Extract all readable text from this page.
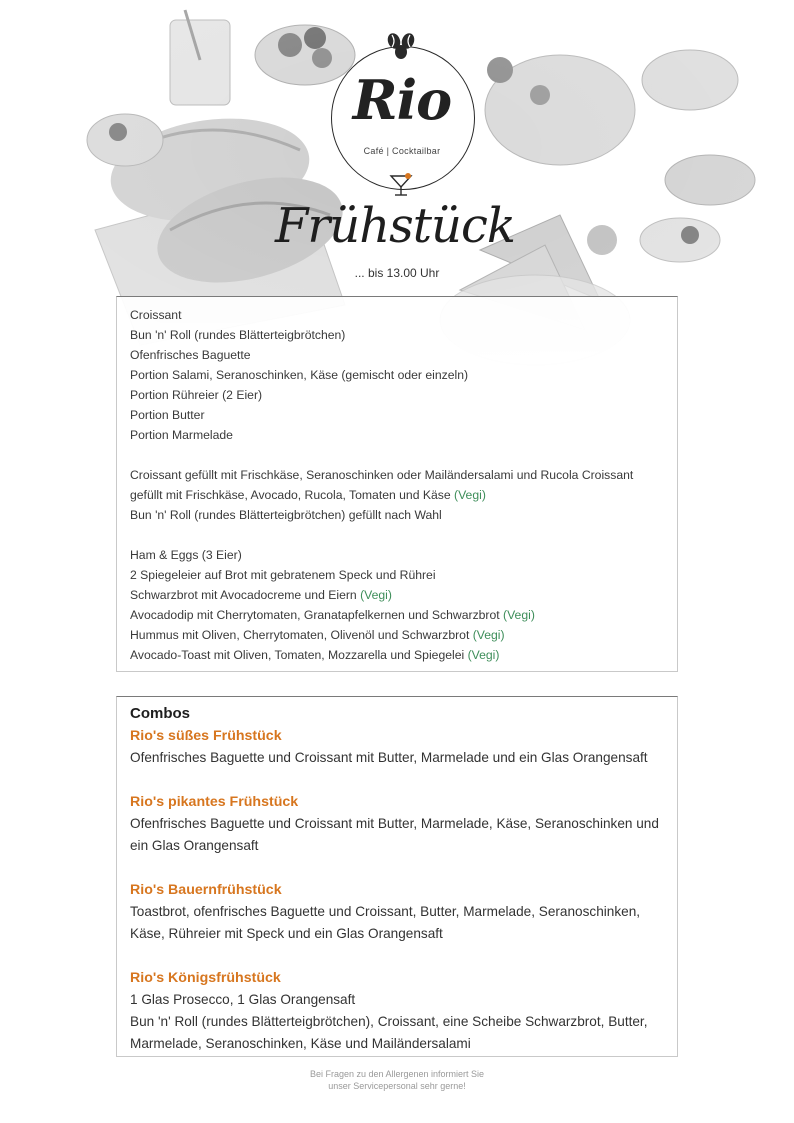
Rio
Café | Cocktailbar
Frühstück
... bis 13.00 Uhr
Croissant
Bun 'n' Roll (rundes Blätterteigbrötchen)
Ofenfrisches Baguette
Portion Salami, Seranoschinken, Käse (gemischt oder einzeln)
Portion Rühreier (2 Eier)
Portion Butter
Portion Marmelade
Croissant gefüllt mit Frischkäse, Seranoschinken oder Mailändersalami und Rucola Croissant
gefüllt mit Frischkäse, Avocado, Rucola, Tomaten und Käse (Vegi)
Bun 'n' Roll (rundes Blätterteigbrötchen) gefüllt nach Wahl
Ham & Eggs (3 Eier)
2 Spiegeleier auf Brot mit gebratenem Speck und Rührei
Schwarzbrot mit Avocadocreme und Eiern (Vegi)
Avocadodip mit Cherrytomaten, Granatapfelkernen und Schwarzbrot (Vegi)
Hummus mit Oliven, Cherrytomaten, Olivenöl und Schwarzbrot (Vegi)
Avocado-Toast mit Oliven, Tomaten, Mozzarella und Spiegelei (Vegi)
Combos
Rio's süßes Frühstück
Ofenfrisches Baguette und Croissant mit Butter, Marmelade und ein Glas Orangensaft
Rio's pikantes Frühstück
Ofenfrisches Baguette und Croissant mit Butter, Marmelade, Käse, Seranoschinken und
ein Glas Orangensaft
Rio's Bauernfrühstück
Toastbrot, ofenfrisches Baguette und Croissant, Butter, Marmelade, Seranoschinken,
Käse, Rühreier mit Speck und ein Glas Orangensaft
Rio's Königsfrühstück
1 Glas Prosecco, 1 Glas Orangensaft
Bun 'n' Roll (rundes Blätterteigbrötchen), Croissant, eine Scheibe Schwarzbrot, Butter,
Marmelade, Seranoschinken, Käse und Mailändersalami
Bei Fragen zu den Allergenen informiert Sie
unser Servicepersonal sehr gerne!
